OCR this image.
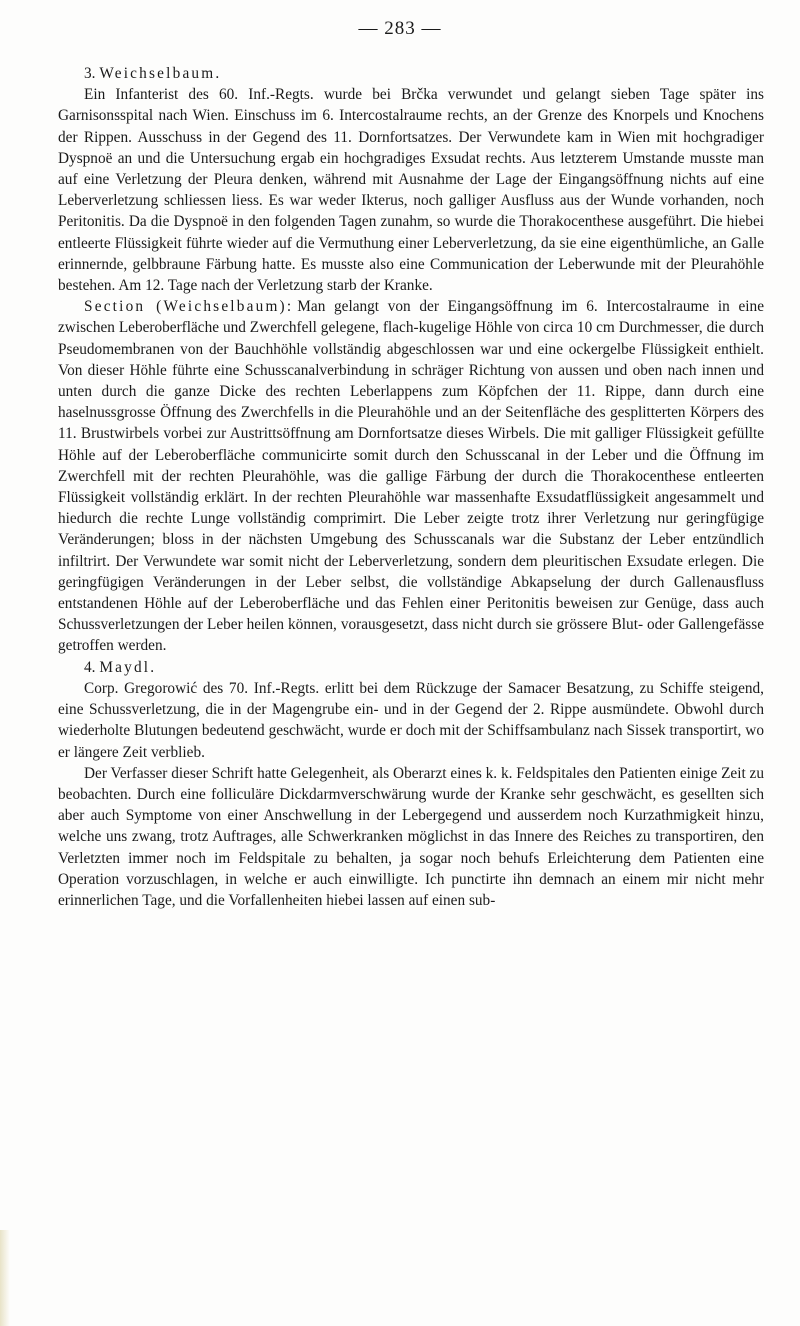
— 283 —
3. Weichselbaum.

Ein Infanterist des 60. Inf.-Regts. wurde bei Brčka verwundet und gelangt sieben Tage später ins Garnisonsspital nach Wien. Einschuss im 6. Intercostalraume rechts, an der Grenze des Knorpels und Knochens der Rippen. Ausschuss in der Gegend des 11. Dornfortsatzes. Der Verwundete kam in Wien mit hochgradiger Dyspnoë an und die Untersuchung ergab ein hochgradiges Exsudat rechts. Aus letzterem Umstande musste man auf eine Verletzung der Pleura denken, während mit Ausnahme der Lage der Eingangsöffnung nichts auf eine Leberverletzung schliessen liess. Es war weder Ikterus, noch galliger Ausfluss aus der Wunde vorhanden, noch Peritonitis. Da die Dyspnoë in den folgenden Tagen zunahm, so wurde die Thorakocenthese ausgeführt. Die hiebei entleerte Flüssigkeit führte wieder auf die Vermuthung einer Leberverletzung, da sie eine eigenthümliche, an Galle erinnernde, gelbbraune Färbung hatte. Es musste also eine Communication der Leberwunde mit der Pleurahöhle bestehen. Am 12. Tage nach der Verletzung starb der Kranke.

Section (Weichselbaum): Man gelangt von der Eingangsöffnung im 6. Intercostalraume in eine zwischen Leberoberfläche und Zwerchfell gelegene, flach-kugelige Höhle von circa 10 cm Durchmesser, die durch Pseudomembranen von der Bauchhöhle vollständig abgeschlossen war und eine ockergelbe Flüssigkeit enthielt. Von dieser Höhle führte eine Schusscanalverbindung in schräger Richtung von aussen und oben nach innen und unten durch die ganze Dicke des rechten Leberlappens zum Köpfchen der 11. Rippe, dann durch eine haselnussgrosse Öffnung des Zwerchfells in die Pleurahöhle und an der Seitenfläche des gesplitterten Körpers des 11. Brustwirbels vorbei zur Austrittsöffnung am Dornfortsatze dieses Wirbels. Die mit galliger Flüssigkeit gefüllte Höhle auf der Leberoberfläche communicirte somit durch den Schusscanal in der Leber und die Öffnung im Zwerchfell mit der rechten Pleurahöhle, was die gallige Färbung der durch die Thorakocenthese entleerten Flüssigkeit vollständig erklärt. In der rechten Pleurahöhle war massenhafte Exsudatflüssigkeit angesammelt und hiedurch die rechte Lunge vollständig comprimirt. Die Leber zeigte trotz ihrer Verletzung nur geringfügige Veränderungen; bloss in der nächsten Umgebung des Schusscanals war die Substanz der Leber entzündlich infiltrirt. Der Verwundete war somit nicht der Leberverletzung, sondern dem pleuritischen Exsudate erlegen. Die geringfügigen Veränderungen in der Leber selbst, die vollständige Abkapselung der durch Gallenausfluss entstandenen Höhle auf der Leberoberfläche und das Fehlen einer Peritonitis beweisen zur Genüge, dass auch Schussverletzungen der Leber heilen können, vorausgesetzt, dass nicht durch sie grössere Blut- oder Gallengefässe getroffen werden.

4. Maydl.

Corp. Gregorowić des 70. Inf.-Regts. erlitt bei dem Rückzuge der Samacer Besatzung, zu Schiffe steigend, eine Schussverletzung, die in der Magengrube ein- und in der Gegend der 2. Rippe ausmündete. Obwohl durch wiederholte Blutungen bedeutend geschwächt, wurde er doch mit der Schiffsambulanz nach Sissek transportirt, wo er längere Zeit verblieb.

Der Verfasser dieser Schrift hatte Gelegenheit, als Oberarzt eines k. k. Feldspitales den Patienten einige Zeit zu beobachten. Durch eine folliculäre Dickdarmverschwärung wurde der Kranke sehr geschwächt, es gesellten sich aber auch Symptome von einer Anschwellung in der Lebergegend und ausserdem noch Kurzathmigkeit hinzu, welche uns zwang, trotz Auftrages, alle Schwerkranken möglichst in das Innere des Reiches zu transportiren, den Verletzten immer noch im Feldspitale zu behalten, ja sogar noch behufs Erleichterung dem Patienten eine Operation vorzuschlagen, in welche er auch einwilligte. Ich punctirte ihn demnach an einem mir nicht mehr erinnerlichen Tage, und die Vorfallenheiten hiebei lassen auf einen sub-
